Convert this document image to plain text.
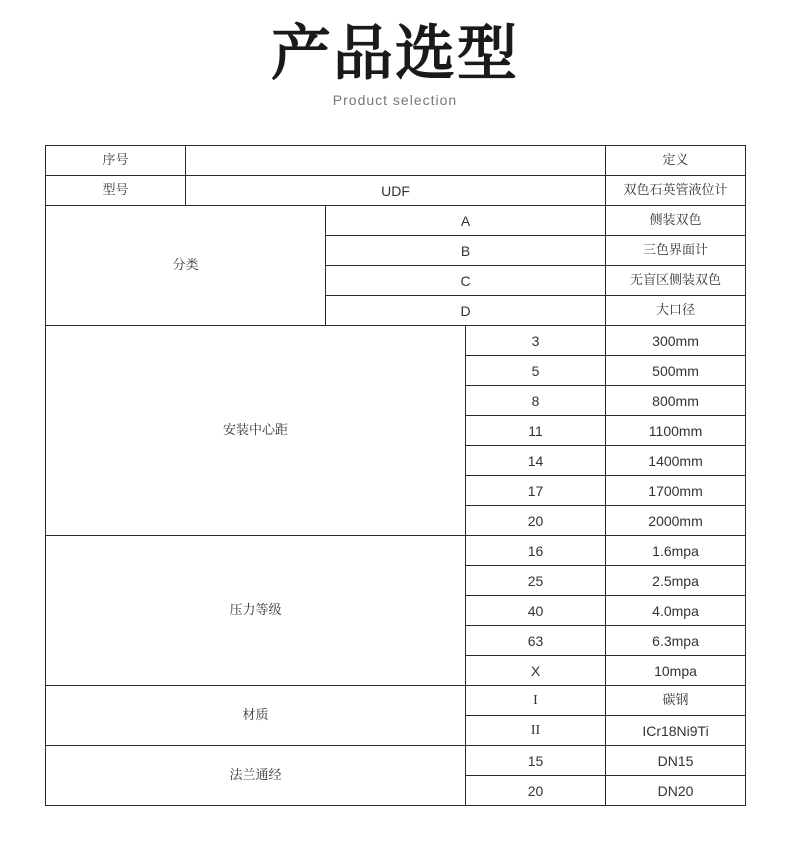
产品选型
Product selection
序号				定义
型号	UDF			双色石英管液位计
分类		A		侧装双色
		B		三色界面计
		C		无盲区侧装双色
		D		大口径
安装中心距			3	300mm
			5	500mm
			8	800mm
			11	1100mm
			14	1400mm
			17	1700mm
			20	2000mm
压力等级			16	1.6mpa
			25	2.5mpa
			40	4.0mpa
			63	6.3mpa
			X	10mpa
材质			I	碳钢
			II	ICr18Ni9Ti
法兰通经			15	DN15
			20	DN20
